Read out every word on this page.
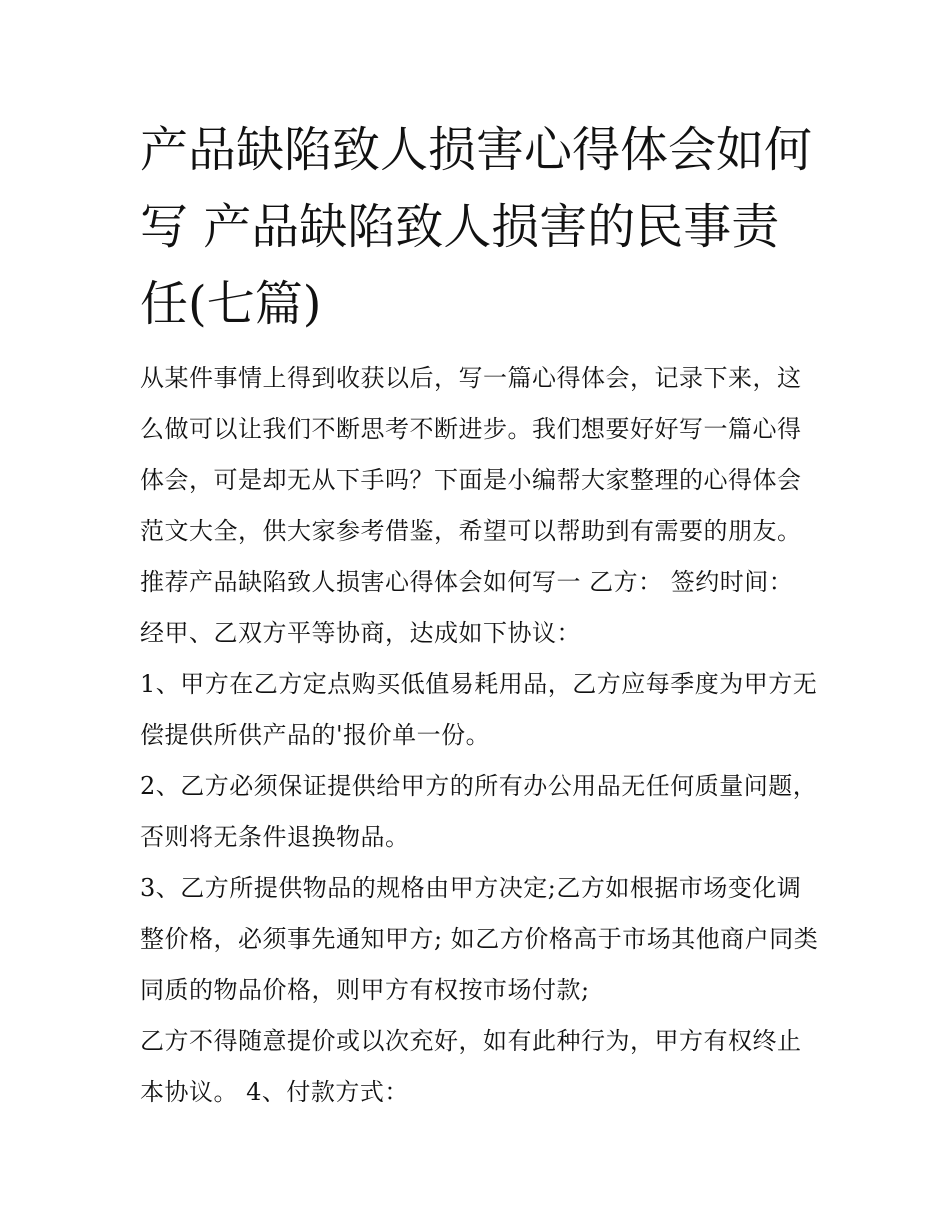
产品缺陷致人损害心得体会如何写 产品缺陷致人损害的民事责任(七篇)

从某件事情上得到收获以后，写一篇心得体会，记录下来，这么做可以让我们不断思考不断进步。我们想要好好写一篇心得体会，可是却无从下手吗？下面是小编帮大家整理的心得体会范文大全，供大家参考借鉴，希望可以帮助到有需要的朋友。

推荐产品缺陷致人损害心得体会如何写一 乙方： 签约时间：

经甲、乙双方平等协商，达成如下协议：

1、甲方在乙方定点购买低值易耗用品，乙方应每季度为甲方无偿提供所供产品的'报价单一份。

2、乙方必须保证提供给甲方的所有办公用品无任何质量问题，否则将无条件退换物品。

3、乙方所提供物品的规格由甲方决定;乙方如根据市场变化调整价格，必须事先通知甲方; 如乙方价格高于市场其他商户同类同质的物品价格，则甲方有权按市场付款;

乙方不得随意提价或以次充好，如有此种行为，甲方有权终止本协议。 4、付款方式：
